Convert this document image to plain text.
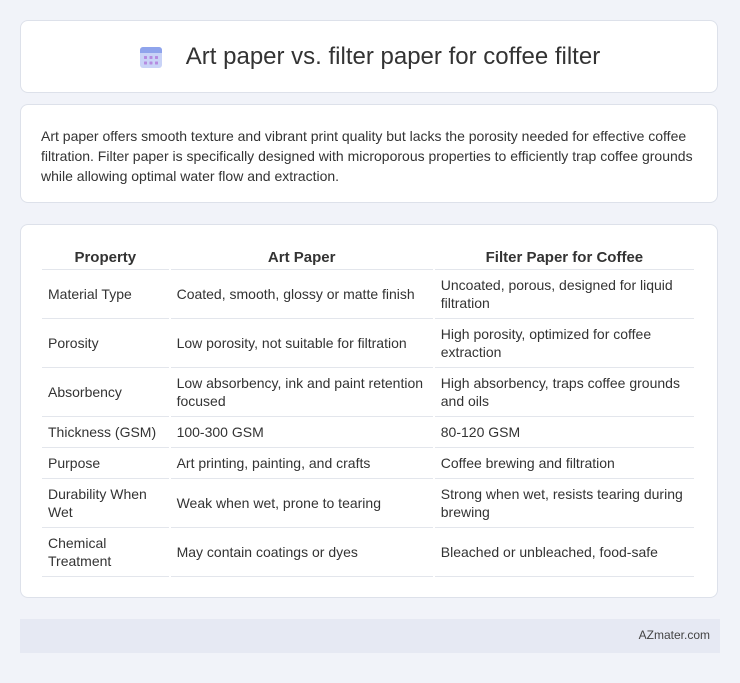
Art paper vs. filter paper for coffee filter
Art paper offers smooth texture and vibrant print quality but lacks the porosity needed for effective coffee filtration. Filter paper is specifically designed with microporous properties to efficiently trap coffee grounds while allowing optimal water flow and extraction.
Property	Art Paper	Filter Paper for Coffee
Material Type	Coated, smooth, glossy or matte finish	Uncoated, porous, designed for liquid filtration
Porosity	Low porosity, not suitable for filtration	High porosity, optimized for coffee extraction
Absorbency	Low absorbency, ink and paint retention focused	High absorbency, traps coffee grounds and oils
Thickness (GSM)	100-300 GSM	80-120 GSM
Purpose	Art printing, painting, and crafts	Coffee brewing and filtration
Durability When Wet	Weak when wet, prone to tearing	Strong when wet, resists tearing during brewing
Chemical Treatment	May contain coatings or dyes	Bleached or unbleached, food-safe
AZmater.com
